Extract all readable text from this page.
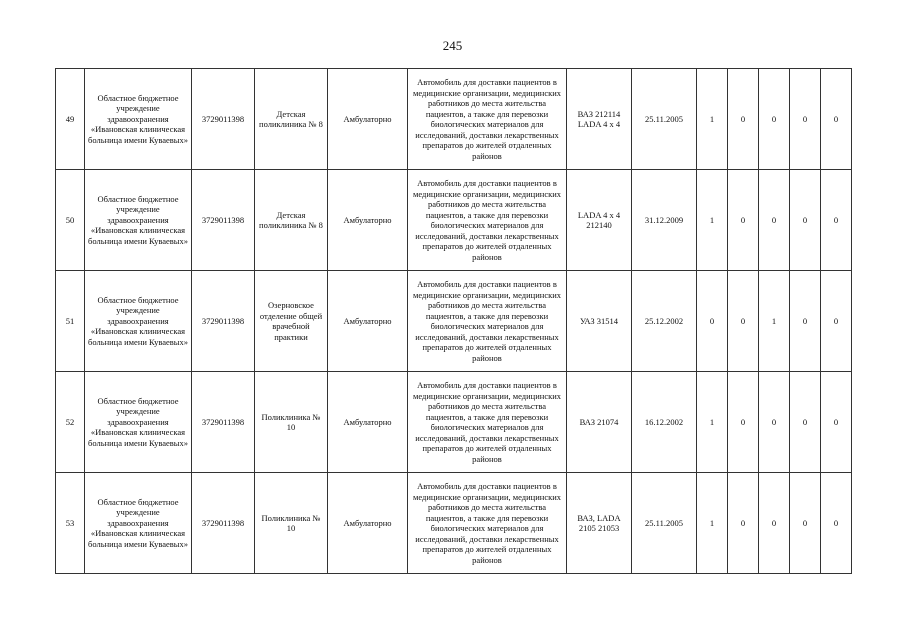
245
49	Областное бюджетное учреждение здравоохранения «Ивановская клиническая больница имени Куваевых»	3729011398	Детская поликлиника № 8	Амбулаторно	Автомобиль для доставки пациентов в медицинские организации, медицинских работников до места жительства пациентов, а также для перевозки биологических материалов для исследований, доставки лекарственных препаратов до жителей отдаленных районов	ВАЗ 212114 LADA 4 x 4	25.11.2005	1	0	0	0	0
50	Областное бюджетное учреждение здравоохранения «Ивановская клиническая больница имени Куваевых»	3729011398	Детская поликлиника № 8	Амбулаторно	Автомобиль для доставки пациентов в медицинские организации, медицинских работников до места жительства пациентов, а также для перевозки биологических материалов для исследований, доставки лекарственных препаратов до жителей отдаленных районов	LADA 4 x 4 212140	31.12.2009	1	0	0	0	0
51	Областное бюджетное учреждение здравоохранения «Ивановская клиническая больница имени Куваевых»	3729011398	Озерновское отделение общей врачебной практики	Амбулаторно	Автомобиль для доставки пациентов в медицинские организации, медицинских работников до места жительства пациентов, а также для перевозки биологических материалов для исследований, доставки лекарственных препаратов до жителей отдаленных районов	УАЗ 31514	25.12.2002	0	0	1	0	0
52	Областное бюджетное учреждение здравоохранения «Ивановская клиническая больница имени Куваевых»	3729011398	Поликлиника № 10	Амбулаторно	Автомобиль для доставки пациентов в медицинские организации, медицинских работников до места жительства пациентов, а также для перевозки биологических материалов для исследований, доставки лекарственных препаратов до жителей отдаленных районов	ВАЗ 21074	16.12.2002	1	0	0	0	0
53	Областное бюджетное учреждение здравоохранения «Ивановская клиническая больница имени Куваевых»	3729011398	Поликлиника № 10	Амбулаторно	Автомобиль для доставки пациентов в медицинские организации, медицинских работников до места жительства пациентов, а также для перевозки биологических материалов для исследований, доставки лекарственных препаратов до жителей отдаленных районов	ВАЗ, LADA 2105 21053	25.11.2005	1	0	0	0	0
